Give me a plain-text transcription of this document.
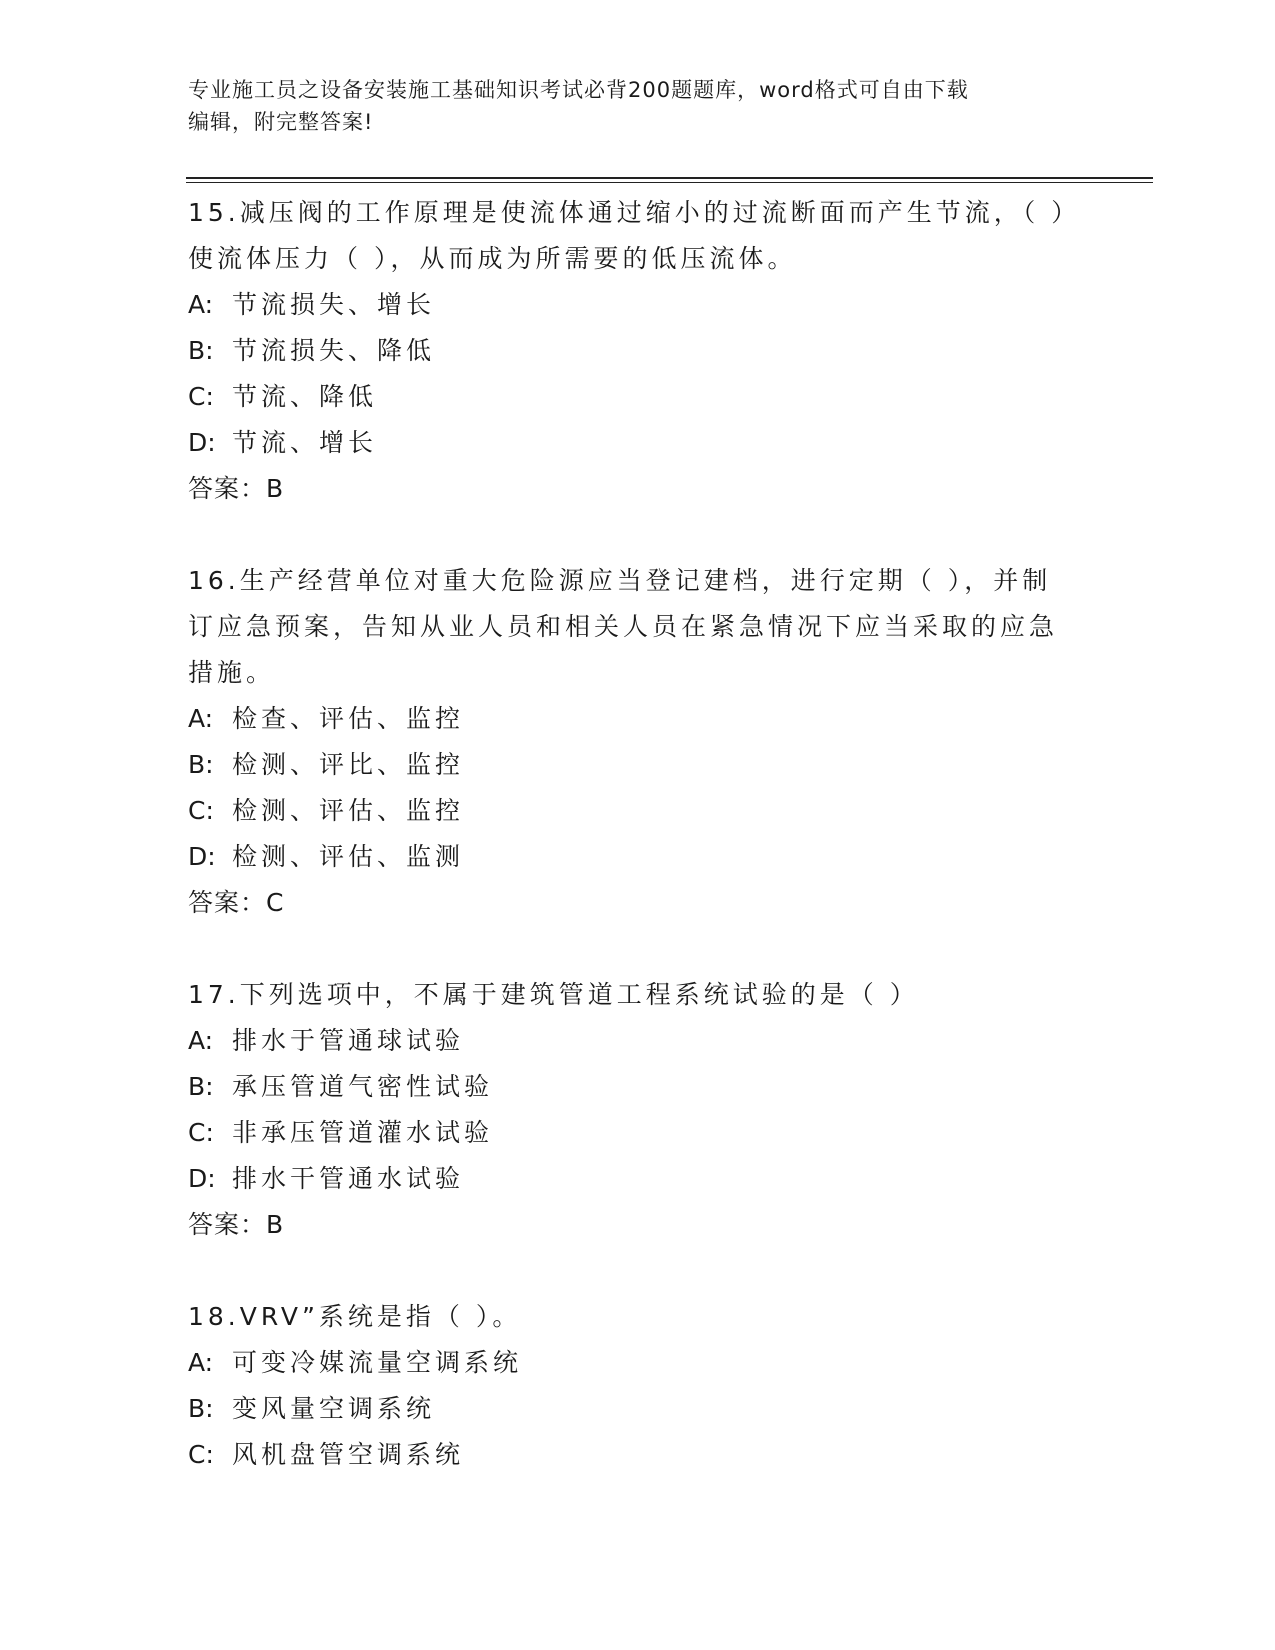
专业施工员之设备安装施工基础知识考试必背200题题库，word格式可自由下载
编辑，附完整答案!
15.减压阀的工作原理是使流体通过缩小的过流断面而产生节流，（ ）使流体压力（ ），从而成为所需要的低压流体。
A: 节流损失、增长
B: 节流损失、降低
C: 节流、降低
D: 节流、增长
答案：B
16.生产经营单位对重大危险源应当登记建档，进行定期（ ），并制订应急预案，告知从业人员和相关人员在紧急情况下应当采取的应急措施。
A: 检查、评估、监控
B: 检测、评比、监控
C: 检测、评估、监控
D: 检测、评估、监测
答案：C
17.下列选项中，不属于建筑管道工程系统试验的是（ ）
A: 排水于管通球试验
B: 承压管道气密性试验
C: 非承压管道灌水试验
D: 排水干管通水试验
答案：B
18.VRV”系统是指（ ）。
A: 可变冷媒流量空调系统
B: 变风量空调系统
C: 风机盘管空调系统
